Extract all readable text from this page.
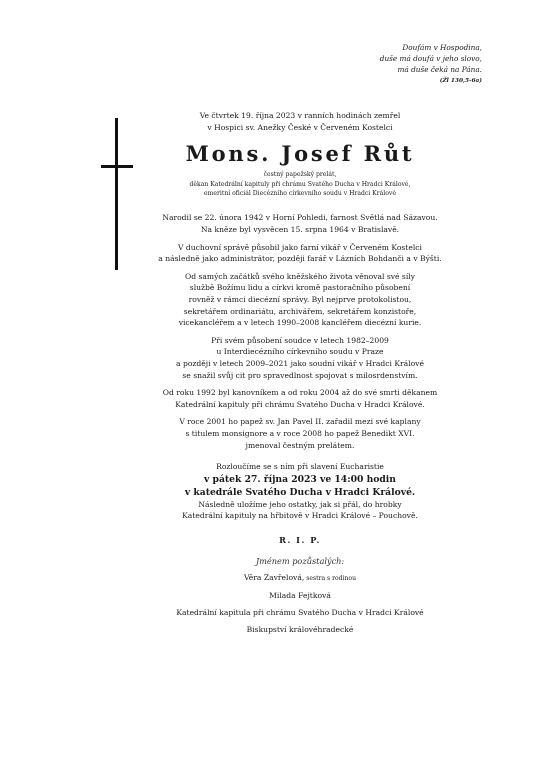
Doufám v Hospodina,
duše má doufá v jeho slovo,
má duše čeká na Pána.
(Žl 130,5-6a)

Ve čtvrtek 19. října 2023 v ranních hodinách zemřel

v Hospici sv. Anežky České v Červeném Kostelci

Mons. Josef Růt
čestný papežský prelát,
děkan Katedrální kapituly při chrámu Svatého Ducha v Hradci Králové,
emeritní oficiál Diecézního církevního soudu v Hradci Králové

Narodil se 22. února 1942 v Horní Pohledi, farnost Světlá nad Sázavou.
Na kněze byl vysvěcen 15. srpna 1964 v Bratislavě.

V duchovní správě působil jako farní vikář v Červeném Kostelci
a následně jako administrátor, později farář v Lázních Bohdanči a v Býšti.

Od samých začátků svého kněžského života věnoval své síly
službě Božímu lidu a církvi kromě pastoračního působení
rovněž v rámci diecézní správy. Byl nejprve protokolistou,
sekretářem ordinariátu, archivářem, sekretářem konzistoře,
vicekancléřem a v letech 1990–2008 kancléřem diecézní kurie.

Při svém působení soudce v letech 1982–2009
u Interdiecézního církevního soudu v Praze
a později v letech 2009–2021 jako soudní vikář v Hradci Králové
se snažil svůj cit pro spravedlnost spojovat s milosrdenstvím.

Od roku 1992 byl kanovníkem a od roku 2004 až do své smrti děkanem
Katedrální kapituly při chrámu Svatého Ducha v Hradci Králové.

V roce 2001 ho papež sv. Jan Pavel II. zařadil mezi své kaplany
s titulem monsignore a v roce 2008 ho papež Benedikt XVI.
jmenoval čestným prelátem.

Rozloučíme se s ním při slavení Eucharistie

v pátek 27. října 2023 ve 14:00 hodin

v katedrále Svatého Ducha v Hradci Králové.

Následně uložíme jeho ostatky, jak si přál, do hrobky

Katedrální kapituly na hřbitově v Hradci Králové – Pouchově.

R. I. P.
Jménem pozůstalých:
Věra Zavřelová, sestra s rodinou
Milada Fejtková
Katedrální kapitula při chrámu Svatého Ducha v Hradci Králové
Biskupství královéhradecké
